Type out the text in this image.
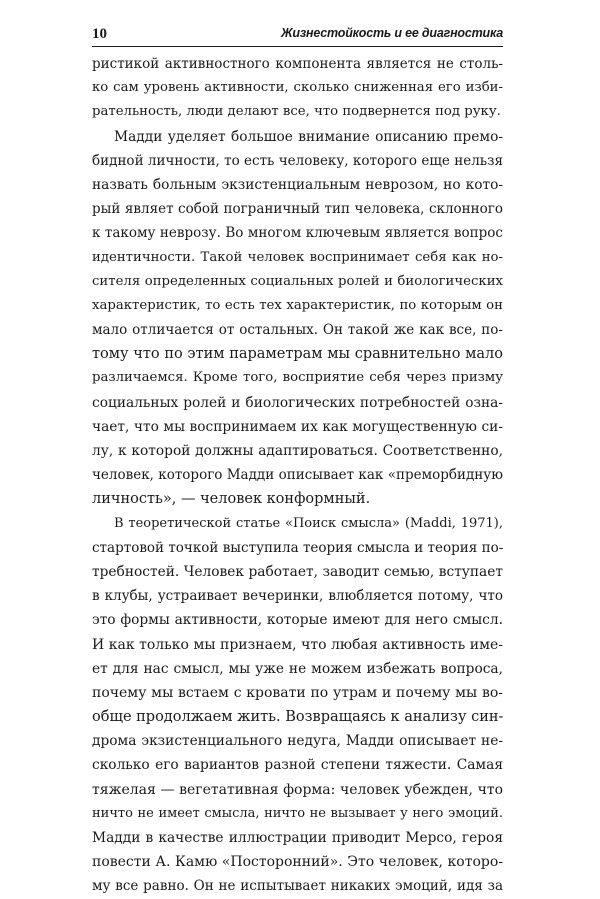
10	Жизнестойкость и ее диагностика
ристикой активностного компонента является не столь-
ко сам уровень активности, сколько сниженная его изби-
рательность, люди делают все, что подвернется под руку.
Мадди уделяет большое внимание описанию премо-
бидной личности, то есть человеку, которого еще нельзя
назвать больным экзистенциальным неврозом, но кото-
рый являет собой пограничный тип человека, склонного
к такому неврозу. Во многом ключевым является вопрос
идентичности. Такой человек воспринимает себя как но-
сителя определенных социальных ролей и биологических
характеристик, то есть тех характеристик, по которым он
мало отличается от остальных. Он такой же как все, по-
тому что по этим параметрам мы сравнительно мало
различаемся. Кроме того, восприятие себя через призму
социальных ролей и биологических потребностей озна-
чает, что мы воспринимаем их как могущественную си-
лу, к которой должны адаптироваться. Соответственно,
человек, которого Мадди описывает как «преморбидную
личность», — человек конформный.
В теоретической статье «Поиск смысла» (Maddi, 1971),
стартовой точкой выступила теория смысла и теория по-
требностей. Человек работает, заводит семью, вступает
в клубы, устраивает вечеринки, влюбляется потому, что
это формы активности, которые имеют для него смысл.
И как только мы признаем, что любая активность име-
ет для нас смысл, мы уже не можем избежать вопроса,
почему мы встаем с кровати по утрам и почему мы во-
обще продолжаем жить. Возвращаясь к анализу син-
дрома экзистенциального недуга, Мадди описывает не-
сколько его вариантов разной степени тяжести. Самая
тяжелая — вегетативная форма: человек убежден, что
ничто не имеет смысла, ничто не вызывает у него эмоций.
Мадди в качестве иллюстрации приводит Мерсо, героя
повести А. Камю «Посторонний». Это человек, которо-
му все равно. Он не испытывает никаких эмоций, идя за
